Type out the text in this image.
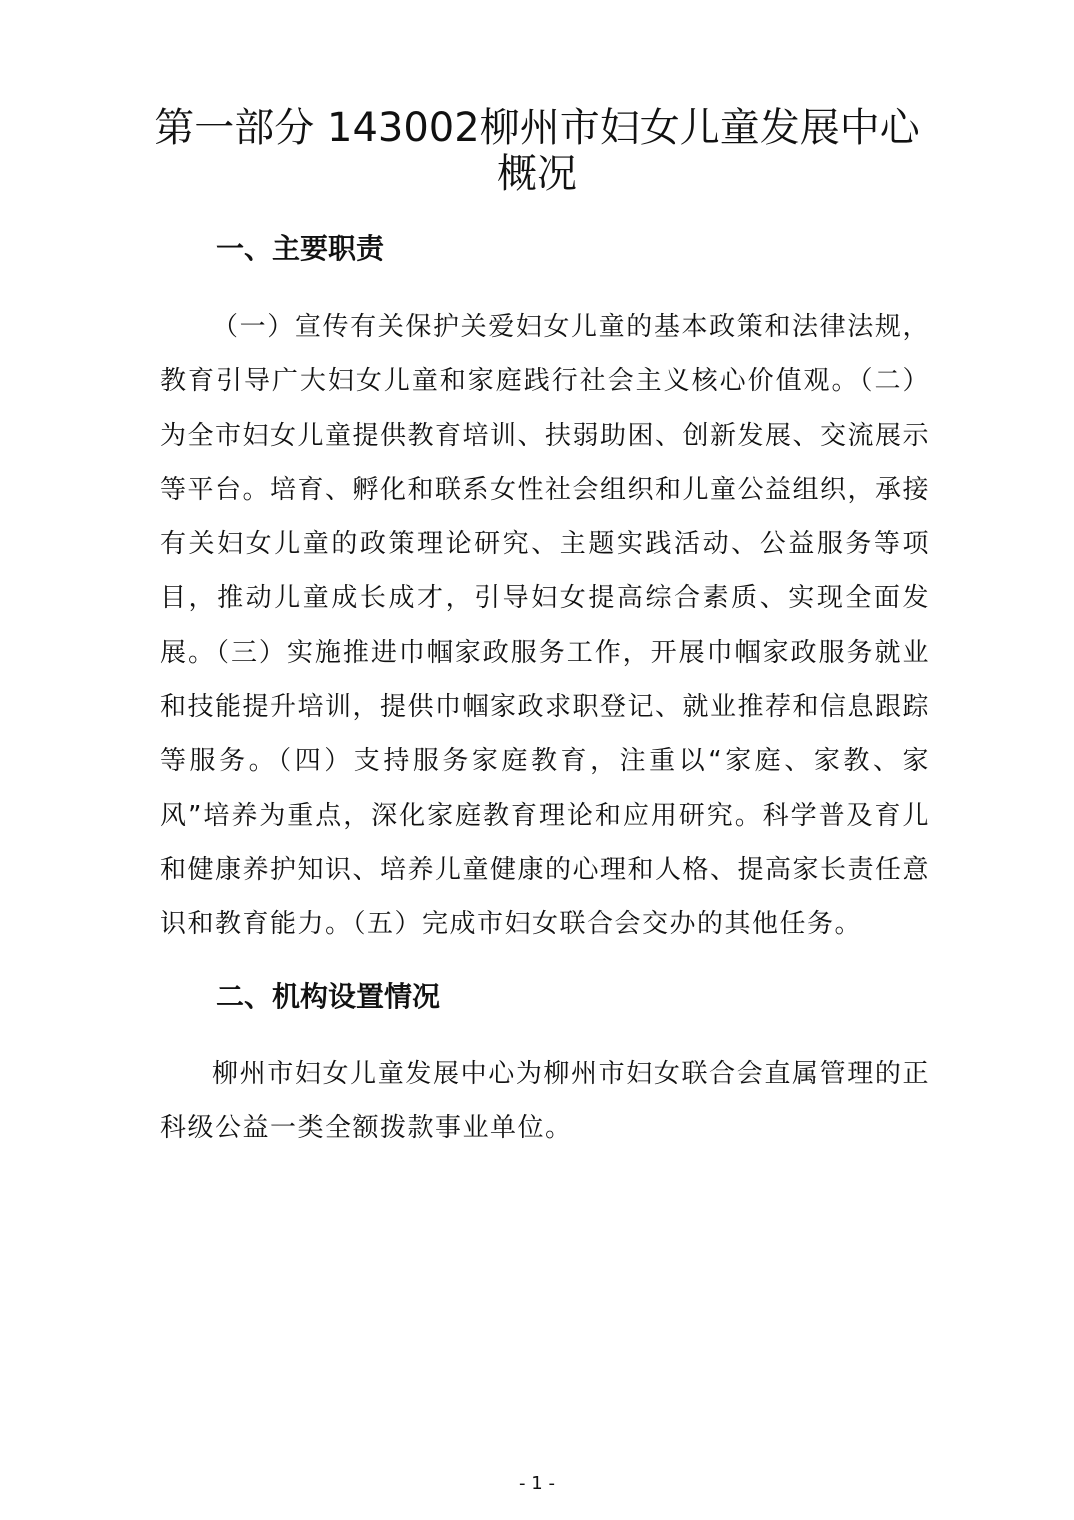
第一部分 143002柳州市妇女儿童发展中心
概况
一、主要职责

（一）宣传有关保护关爱妇女儿童的基本政策和法律法规，教育引导广大妇女儿童和家庭践行社会主义核心价值观。（二）为全市妇女儿童提供教育培训、扶弱助困、创新发展、交流展示等平台。培育、孵化和联系女性社会组织和儿童公益组织，承接有关妇女儿童的政策理论研究、主题实践活动、公益服务等项目，推动儿童成长成才，引导妇女提高综合素质、实现全面发展。（三）实施推进巾帼家政服务工作，开展巾帼家政服务就业和技能提升培训，提供巾帼家政求职登记、就业推荐和信息跟踪等服务。（四）支持服务家庭教育，注重以“家庭、家教、家风”培养为重点，深化家庭教育理论和应用研究。科学普及育儿和健康养护知识、培养儿童健康的心理和人格、提高家长责任意识和教育能力。（五）完成市妇女联合会交办的其他任务。

二、机构设置情况

柳州市妇女儿童发展中心为柳州市妇女联合会直属管理的正科级公益一类全额拨款事业单位。

- 1 -
